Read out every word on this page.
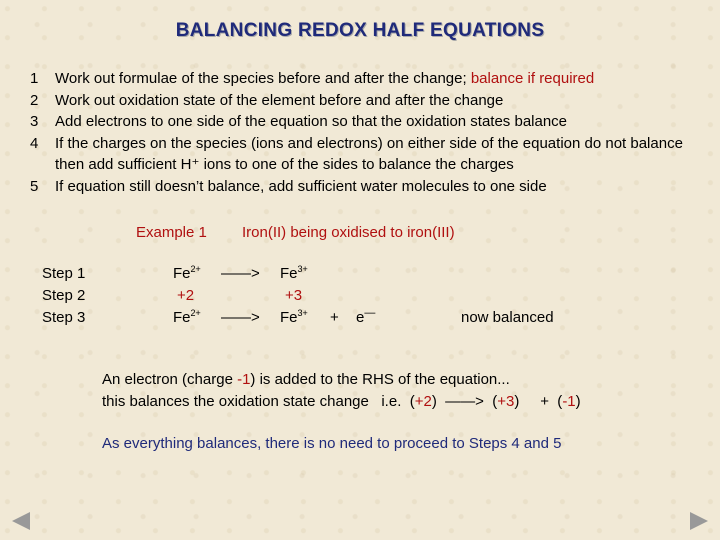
BALANCING REDOX HALF EQUATIONS
1	Work out formulae of the species before and after the change; balance if required
2	Work out oxidation state of the element before and after the change
3	Add electrons to one side of the equation so that the oxidation states balance
4	If the charges on the species (ions and electrons) on either side of the equation do not balance then add sufficient H⁺ ions to one of the sides to balance the charges
5	If equation still doesn’t balance, add sufficient water molecules to one side
Example 1 Iron(II) being oxidised to iron(III)
Step 1	$Fe^{2+}$ ——> $Fe^{3+}$
Step 2	+2	+3
Step 3	$Fe^{2+}$ ——> $Fe^{3+} + e^—$	now balanced
An electron (charge -1) is added to the RHS of the equation...
this balances the oxidation state change   i.e.  (+2)  ——>  (+3)     +  (-1)
As everything balances, there is no need to proceed to Steps 4 and 5
